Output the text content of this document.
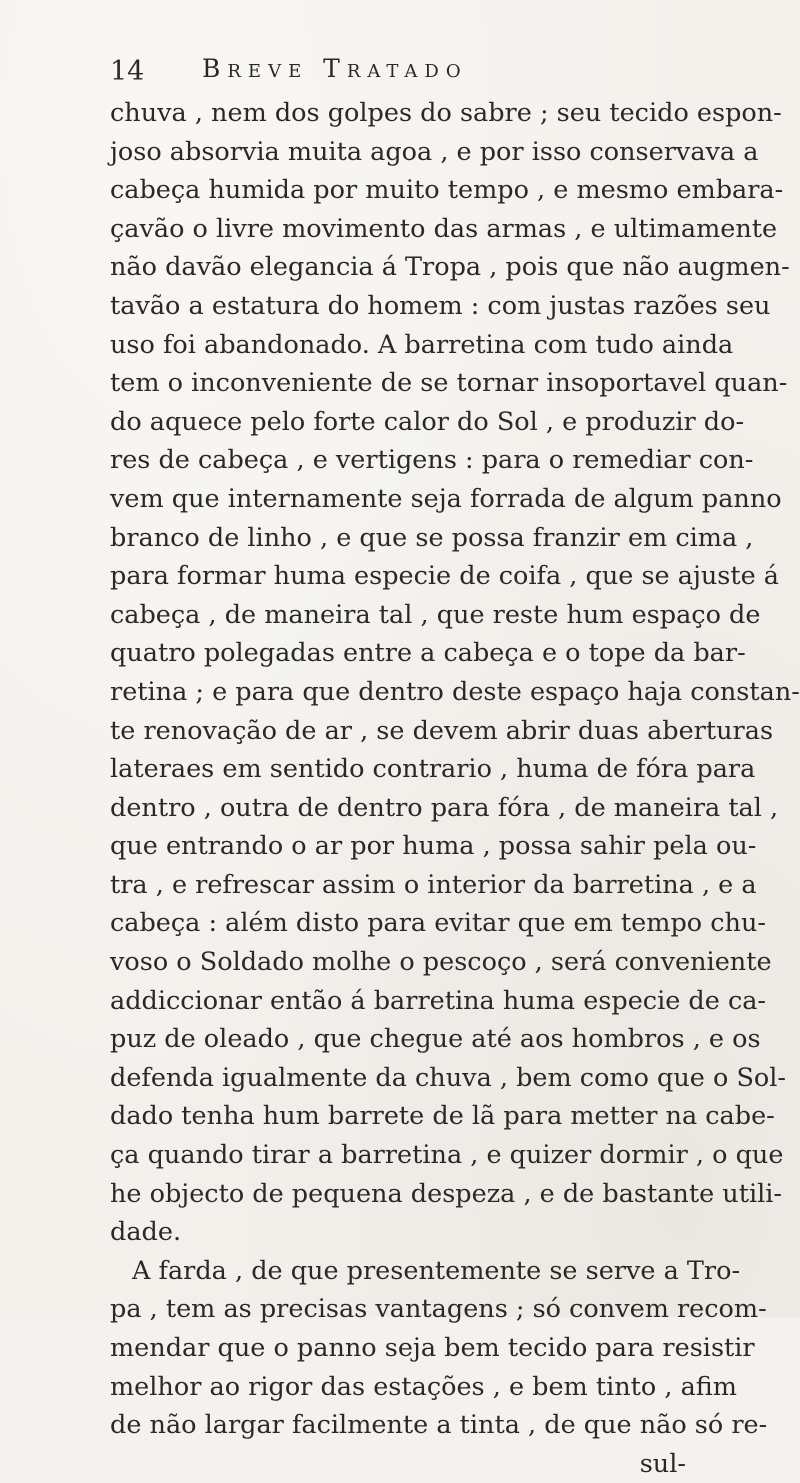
14 Breve Tratado
chuva , nem dos golpes do sabre ; seu tecido espon-
joso absorvia muita agoa , e por isso conservava a
cabeça humida por muito tempo , e mesmo embara-
çavão o livre movimento das armas , e ultimamente
não davão elegancia á Tropa , pois que não augmen-
tavão a estatura do homem : com justas razões seu
uso foi abandonado. A barretina com tudo ainda
tem o inconveniente de se tornar insoportavel quan-
do aquece pelo forte calor do Sol , e produzir do-
res de cabeça , e vertigens : para o remediar con-
vem que internamente seja forrada de algum panno
branco de linho , e que se possa franzir em cima ,
para formar huma especie de coifa , que se ajuste á
cabeça , de maneira tal , que reste hum espaço de
quatro polegadas entre a cabeça e o tope da bar-
retina ; e para que dentro deste espaço haja constan-
te renovação de ar , se devem abrir duas aberturas
lateraes em sentido contrario , huma de fóra para
dentro , outra de dentro para fóra , de maneira tal ,
que entrando o ar por huma , possa sahir pela ou-
tra , e refrescar assim o interior da barretina , e a
cabeça : além disto para evitar que em tempo chu-
voso o Soldado molhe o pescoço , será conveniente
addiccionar então á barretina huma especie de ca-
puz de oleado , que chegue até aos hombros , e os
defenda igualmente da chuva , bem como que o Sol-
dado tenha hum barrete de lã para metter na cabe-
ça quando tirar a barretina , e quizer dormir , o que
he objecto de pequena despeza , e de bastante utili-
dade.
A farda , de que presentemente se serve a Tro-
pa , tem as precisas vantagens ; só convem recom-
mendar que o panno seja bem tecido para resistir
melhor ao rigor das estações , e bem tinto , afim
de não largar facilmente a tinta , de que não só re-
sul-
